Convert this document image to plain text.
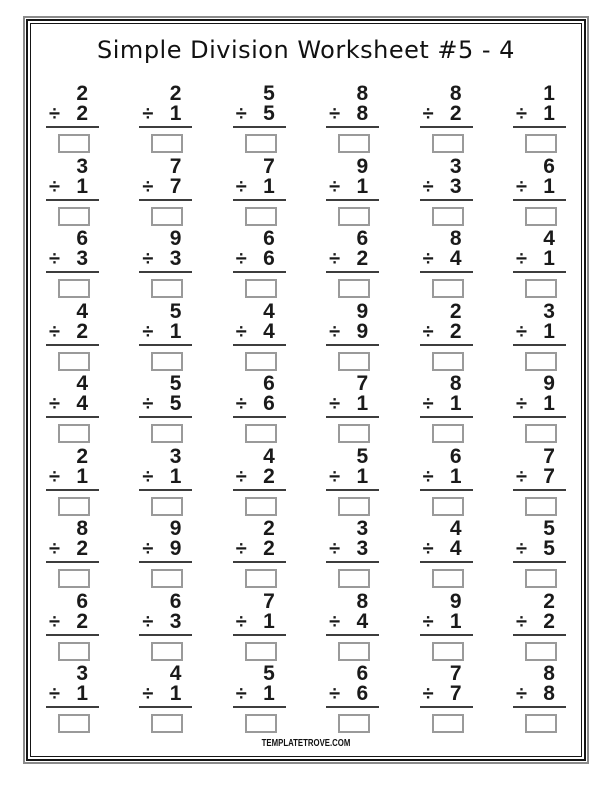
Simple Division Worksheet #5 - 4
2
÷ 2
2
÷ 1
5
÷ 5
8
÷ 8
8
÷ 2
1
÷ 1
3
÷ 1
7
÷ 7
7
÷ 1
9
÷ 1
3
÷ 3
6
÷ 1
6
÷ 3
9
÷ 3
6
÷ 6
6
÷ 2
8
÷ 4
4
÷ 1
4
÷ 2
5
÷ 1
4
÷ 4
9
÷ 9
2
÷ 2
3
÷ 1
4
÷ 4
5
÷ 5
6
÷ 6
7
÷ 1
8
÷ 1
9
÷ 1
2
÷ 1
3
÷ 1
4
÷ 2
5
÷ 1
6
÷ 1
7
÷ 7
8
÷ 2
9
÷ 9
2
÷ 2
3
÷ 3
4
÷ 4
5
÷ 5
6
÷ 2
6
÷ 3
7
÷ 1
8
÷ 4
9
÷ 1
2
÷ 2
3
÷ 1
4
÷ 1
5
÷ 1
6
÷ 6
7
÷ 7
8
÷ 8
TEMPLATETROVE.COM
